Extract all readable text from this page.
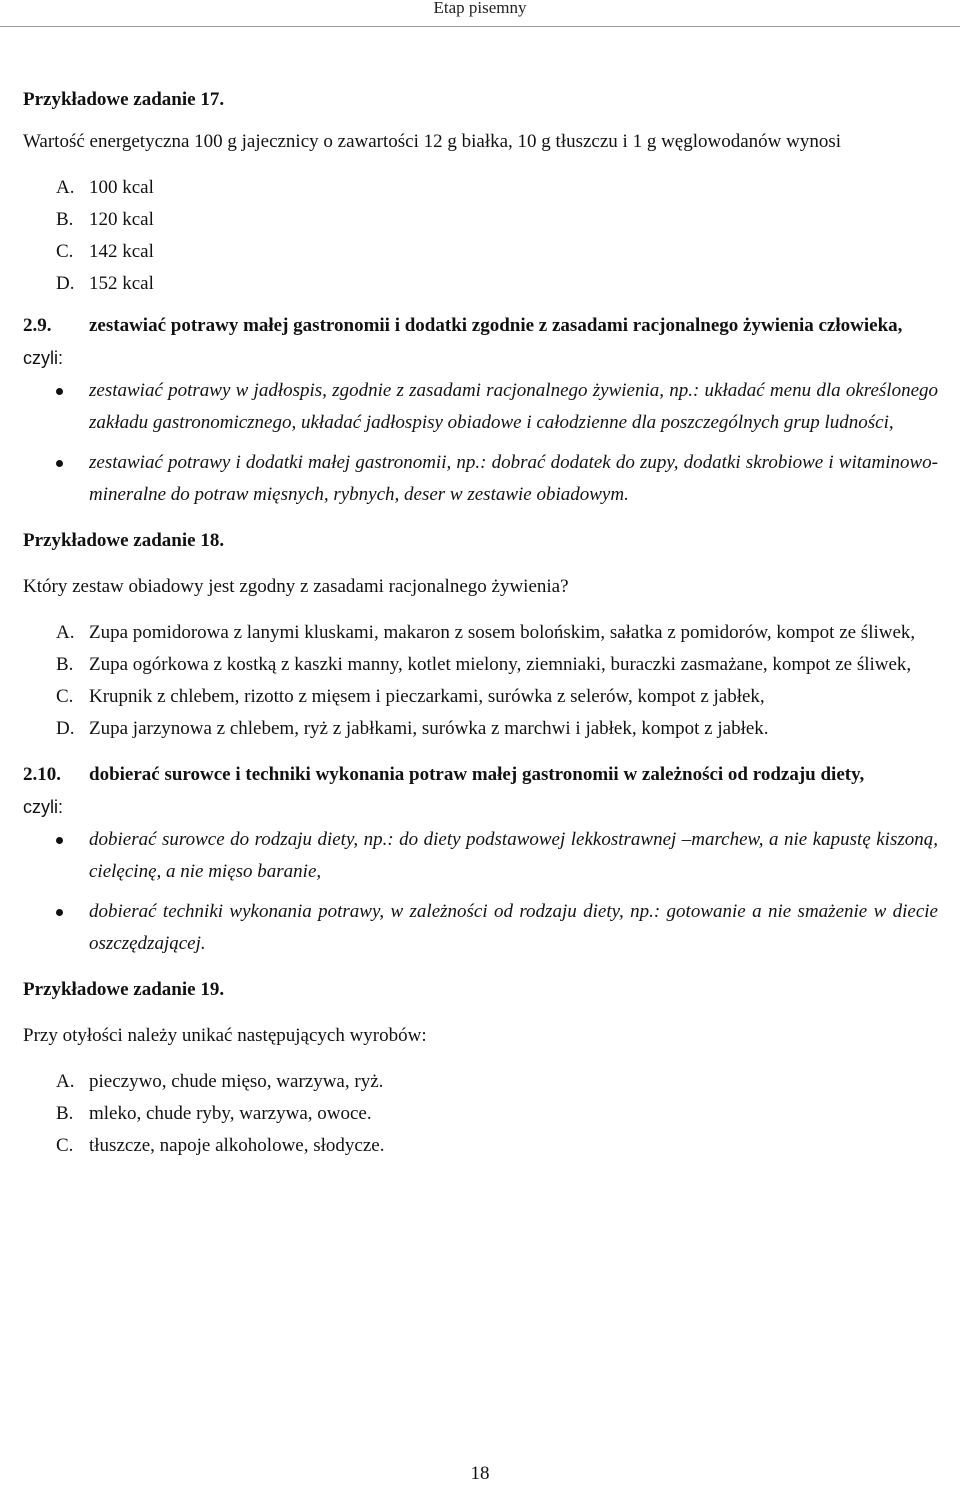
Etap pisemny

Przykładowe zadanie 17.

Wartość energetyczna 100 g jajecznicy o zawartości 12 g białka, 10 g tłuszczu i 1 g węglowodanów wynosi

A. 100 kcal
B. 120 kcal
C. 142 kcal
D. 152 kcal
2.9.	zestawiać potrawy małej gastronomii i dodatki zgodnie z zasadami racjonalnego żywienia człowieka,

czyli:

zestawiać potrawy w jadłospis, zgodnie z zasadami racjonalnego żywienia, np.: układać menu dla określonego zakładu gastronomicznego, układać jadłospisy obiadowe i całodzienne dla poszczególnych grup ludności,
zestawiać potrawy i dodatki małej gastronomii, np.: dobrać dodatek do zupy, dodatki skrobiowe i witaminowo-mineralne do potraw mięsnych, rybnych, deser w zestawie obiadowym.

Przykładowe zadanie 18.

Który zestaw obiadowy jest zgodny z zasadami racjonalnego żywienia?

A. Zupa pomidorowa z lanymi kluskami, makaron z sosem bolońskim, sałatka z pomidorów, kompot ze śliwek,
B. Zupa ogórkowa z kostką z kaszki manny, kotlet mielony, ziemniaki, buraczki zasmażane, kompot ze śliwek,
C. Krupnik z chlebem, rizotto z mięsem i pieczarkami, surówka z selerów, kompot z jabłek,
D. Zupa jarzynowa z chlebem, ryż z jabłkami, surówka z marchwi i jabłek, kompot z jabłek.
2.10.	dobierać surowce i techniki wykonania potraw małej gastronomii w zależności od rodzaju diety,

czyli:

dobierać surowce do rodzaju diety, np.: do diety podstawowej lekkostrawnej –marchew, a nie kapustę kiszoną, cielęcinę, a nie mięso baranie,
dobierać techniki wykonania potrawy, w zależności od rodzaju diety, np.: gotowanie a nie smażenie w diecie oszczędzającej.

Przykładowe zadanie 19.

Przy otyłości należy unikać następujących wyrobów:

A. pieczywo, chude mięso, warzywa, ryż.
B. mleko, chude ryby, warzywa, owoce.
C. tłuszcze, napoje alkoholowe, słodycze.
18
